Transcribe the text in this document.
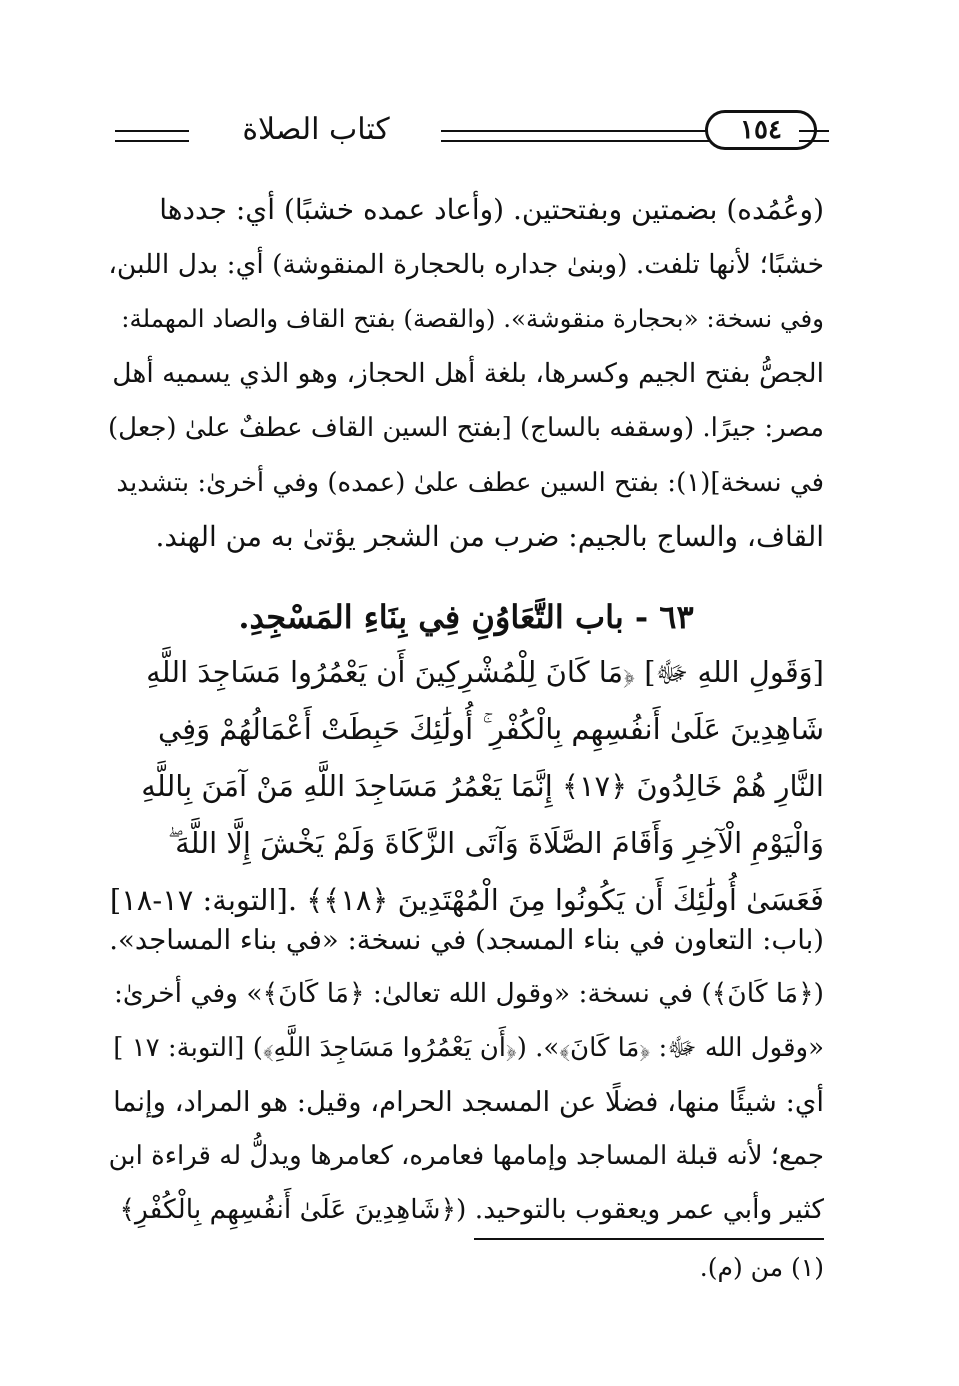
كتاب الصلاة	١٥٤
(وعُمُده) بضمتين وبفتحتين. (وأعاد عمده خشبًا) أي: جددها
خشبًا؛ لأنها تلفت. (وبنىٰ جداره بالحجارة المنقوشة) أي: بدل اللبن،
وفي نسخة: «بحجارة منقوشة». (والقصة) بفتح القاف والصاد المهملة:
الجصُّ بفتح الجيم وكسرها، بلغة أهل الحجاز، وهو الذي يسميه أهل
مصر: جيرًا. (وسقفه بالساج) [بفتح السين القاف عطفٌ علىٰ (جعل)
في نسخة](١): بفتح السين عطف علىٰ (عمده) وفي أخرىٰ: بتشديد
القاف، والساج بالجيم: ضرب من الشجر يؤتىٰ به من الهند.
٦٣ - باب التَّعَاوُنِ فِي بِنَاءِ المَسْجِدِ.
[وَقَولِ اللهِ ﷻ] ﴿مَا كَانَ لِلْمُشْرِكِينَ أَن يَعْمُرُوا مَسَاجِدَ اللَّهِ
شَاهِدِينَ عَلَىٰ أَنفُسِهِم بِالْكُفْرِ ۚ أُولَٰئِكَ حَبِطَتْ أَعْمَالُهُمْ وَفِي
النَّارِ هُمْ خَالِدُونَ ﴿١٧﴾ إِنَّمَا يَعْمُرُ مَسَاجِدَ اللَّهِ مَنْ آمَنَ بِاللَّهِ
وَالْيَوْمِ الْآخِرِ وَأَقَامَ الصَّلَاةَ وَآتَى الزَّكَاةَ وَلَمْ يَخْشَ إِلَّا اللَّهَ ۖ
فَعَسَىٰ أُولَٰئِكَ أَن يَكُونُوا مِنَ الْمُهْتَدِينَ ﴿١٨﴾﴾ .[التوبة: ١٧-١٨]
(باب: التعاون في بناء المسجد) في نسخة: «في بناء المساجد».
(﴿مَا كَانَ﴾) في نسخة: «وقول الله تعالىٰ: ﴿مَا كَانَ﴾» وفي أخرىٰ:
«وقول الله ﷻ: ﴿مَا كَانَ﴾». (﴿أَن يَعْمُرُوا مَسَاجِدَ اللَّهِ﴾) [التوبة: ١٧ ]
أي: شيئًا منها، فضلًا عن المسجد الحرام، وقيل: هو المراد، وإنما
جمع؛ لأنه قبلة المساجد وإمامها فعامره، كعامرها ويدلُّ له قراءة ابن
كثير وأبي عمر ويعقوب بالتوحيد. (﴿شَاهِدِينَ عَلَىٰ أَنفُسِهِم بِالْكُفْرِ﴾
(١) من (م).
